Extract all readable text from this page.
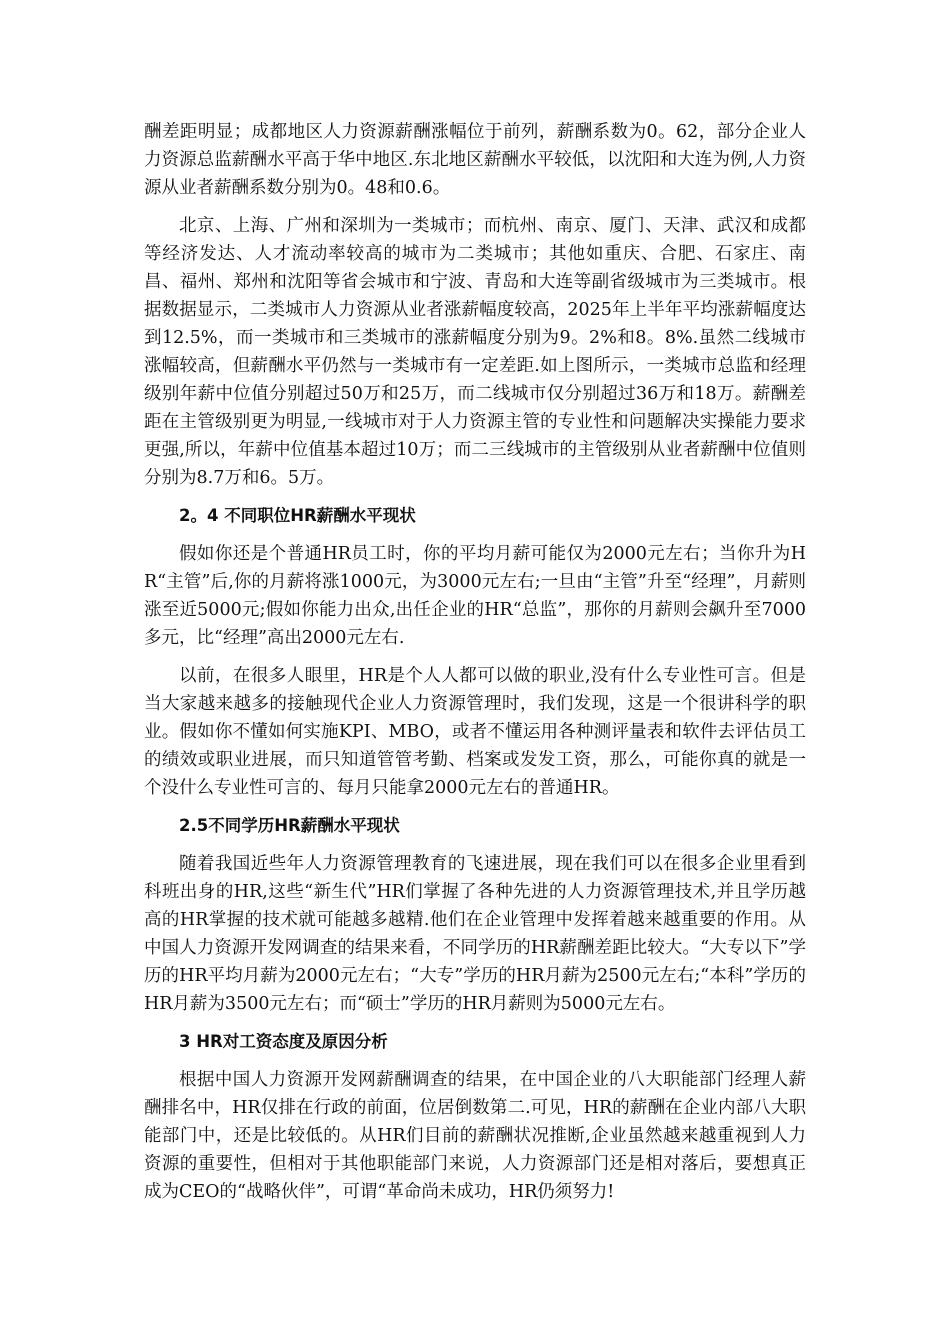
酬差距明显；成都地区人力资源薪酬涨幅位于前列，薪酬系数为0。62，部分企业人力资源总监薪酬水平高于华中地区.东北地区薪酬水平较低，以沈阳和大连为例,人力资源从业者薪酬系数分别为0。48和0.6。

北京、上海、广州和深圳为一类城市；而杭州、南京、厦门、天津、武汉和成都等经济发达、人才流动率较高的城市为二类城市；其他如重庆、合肥、石家庄、南昌、福州、郑州和沈阳等省会城市和宁波、青岛和大连等副省级城市为三类城市。根据数据显示，二类城市人力资源从业者涨薪幅度较高，2025年上半年平均涨薪幅度达到12.5%，而一类城市和三类城市的涨薪幅度分别为9。2%和8。8%.虽然二线城市涨幅较高，但薪酬水平仍然与一类城市有一定差距.如上图所示，一类城市总监和经理级别年薪中位值分别超过50万和25万，而二线城市仅分别超过36万和18万。薪酬差距在主管级别更为明显,一线城市对于人力资源主管的专业性和问题解决实操能力要求更强,所以，年薪中位值基本超过10万；而二三线城市的主管级别从业者薪酬中位值则分别为8.7万和6。5万。

2。4 不同职位HR薪酬水平现状

假如你还是个普通HR员工时，你的平均月薪可能仅为2000元左右；当你升为HR“主管”后,你的月薪将涨1000元，为3000元左右;一旦由“主管”升至“经理”，月薪则涨至近5000元;假如你能力出众,出任企业的HR“总监”，那你的月薪则会飙升至7000多元，比“经理”高出2000元左右.

以前，在很多人眼里，HR是个人人都可以做的职业,没有什么专业性可言。但是当大家越来越多的接触现代企业人力资源管理时，我们发现，这是一个很讲科学的职业。假如你不懂如何实施KPI、MBO，或者不懂运用各种测评量表和软件去评估员工的绩效或职业进展，而只知道管管考勤、档案或发发工资，那么，可能你真的就是一个没什么专业性可言的、每月只能拿2000元左右的普通HR。

2.5不同学历HR薪酬水平现状

随着我国近些年人力资源管理教育的飞速进展，现在我们可以在很多企业里看到科班出身的HR,这些“新生代”HR们掌握了各种先进的人力资源管理技术,并且学历越高的HR掌握的技术就可能越多越精.他们在企业管理中发挥着越来越重要的作用。从中国人力资源开发网调查的结果来看，不同学历的HR薪酬差距比较大。“大专以下”学历的HR平均月薪为2000元左右；“大专”学历的HR月薪为2500元左右;“本科”学历的HR月薪为3500元左右；而“硕士”学历的HR月薪则为5000元左右。

3 HR对工资态度及原因分析

根据中国人力资源开发网薪酬调查的结果，在中国企业的八大职能部门经理人薪酬排名中，HR仅排在行政的前面，位居倒数第二.可见，HR的薪酬在企业内部八大职能部门中，还是比较低的。从HR们目前的薪酬状况推断,企业虽然越来越重视到人力资源的重要性，但相对于其他职能部门来说，人力资源部门还是相对落后，要想真正成为CEO的“战略伙伴”，可谓“革命尚未成功，HR仍须努力!
